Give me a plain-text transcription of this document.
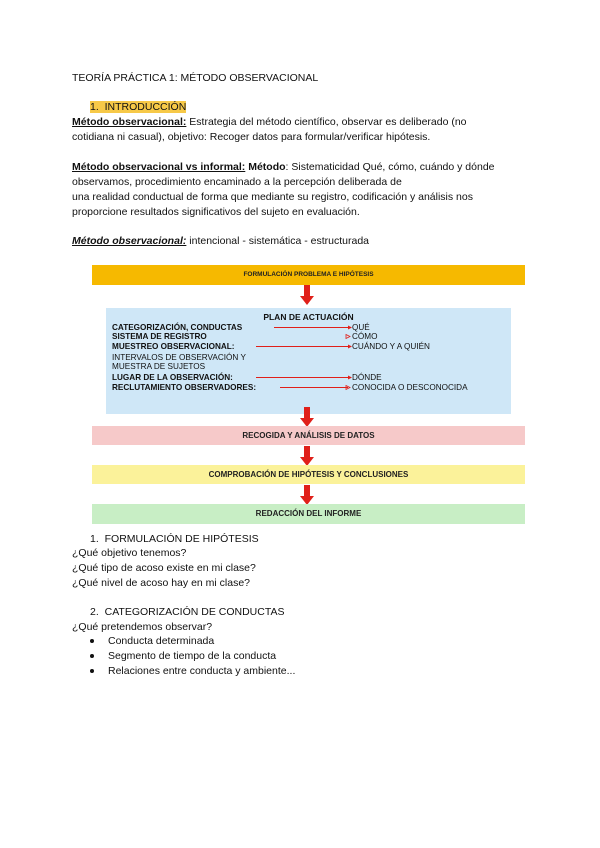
TEORÍA PRÁCTICA 1: MÉTODO OBSERVACIONAL
1. INTRODUCCIÓN
Método observacional: Estrategia del método científico, observar es deliberado (no
cotidiana ni casual), objetivo: Recoger datos para formular/verificar hipótesis.
Método observacional vs informal: Método: Sistematicidad Qué, cómo, cuándo y dónde
observamos, procedimiento encaminado a la percepción deliberada de
una realidad conductual de forma que mediante su registro, codificación y análisis nos
proporcione resultados significativos del sujeto en evaluación.
Método observacional: intencional - sistemática - estructurada
FORMULACIÓN PROBLEMA E HIPÓTESIS
PLAN DE ACTUACIÓN
CATEGORIZACIÓN, CONDUCTAS
SISTEMA DE REGISTRO
MUESTREO OBSERVACIONAL:
INTERVALOS DE OBSERVACIÓN Y
MUESTRA DE SUJETOS
LUGAR DE LA OBSERVACIÓN:
RECLUTAMIENTO OBSERVADORES:
QUÉ
CÓMO
CUÁNDO Y A QUIÉN
DÓNDE
CONOCIDA O DESCONOCIDA
RECOGIDA Y ANÁLISIS DE DATOS
COMPROBACIÓN DE HIPÓTESIS Y CONCLUSIONES
REDACCIÓN DEL INFORME
1. FORMULACIÓN DE HIPÓTESIS
¿Qué objetivo tenemos?
¿Qué tipo de acoso existe en mi clase?
¿Qué nivel de acoso hay en mi clase?
2. CATEGORIZACIÓN DE CONDUCTAS
¿Qué pretendemos observar?
Conducta determinada
Segmento de tiempo de la conducta
Relaciones entre conducta y ambiente...
